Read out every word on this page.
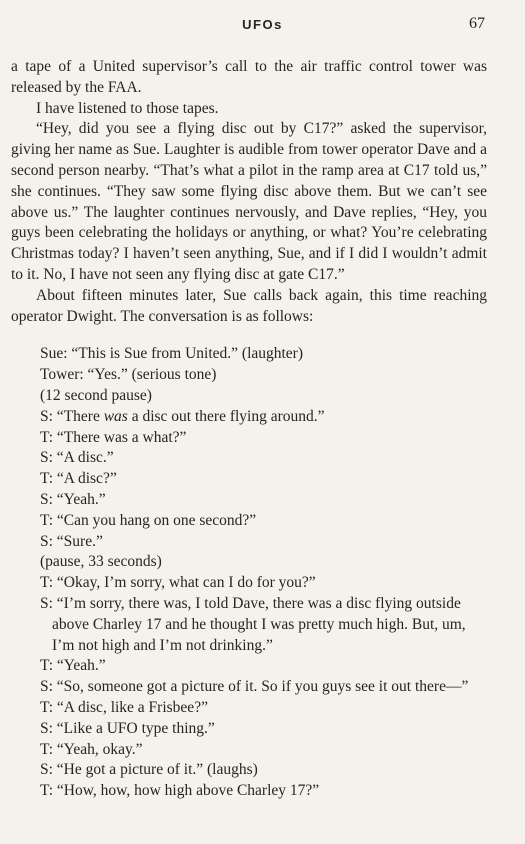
UFOs	67

a tape of a United supervisor’s call to the air traffic control tower was released by the FAA.

I have listened to those tapes.

“Hey, did you see a flying disc out by C17?” asked the supervisor, giving her name as Sue. Laughter is audible from tower operator Dave and a second person nearby. “That’s what a pilot in the ramp area at C17 told us,” she continues. “They saw some flying disc above them. But we can’t see above us.” The laughter continues nervously, and Dave replies, “Hey, you guys been celebrating the holidays or anything, or what? You’re celebrating Christmas today? I haven’t seen anything, Sue, and if I did I wouldn’t admit to it. No, I have not seen any flying disc at gate C17.”

About fifteen minutes later, Sue calls back again, this time reaching operator Dwight. The conversation is as follows:

Sue: “This is Sue from United.” (laughter)

Tower: “Yes.” (serious tone)

(12 second pause)

S: “There was a disc out there flying around.”

T: “There was a what?”

S: “A disc.”

T: “A disc?”

S: “Yeah.”

T: “Can you hang on one second?”

S: “Sure.”

(pause, 33 seconds)

T: “Okay, I’m sorry, what can I do for you?”

S: “I’m sorry, there was, I told Dave, there was a disc flying outside
above Charley 17 and he thought I was pretty much high. But, um,
I’m not high and I’m not drinking.”

T: “Yeah.”

S: “So, someone got a picture of it. So if you guys see it out there—”

T: “A disc, like a Frisbee?”

S: “Like a UFO type thing.”

T: “Yeah, okay.”

S: “He got a picture of it.” (laughs)

T: “How, how, how high above Charley 17?”
